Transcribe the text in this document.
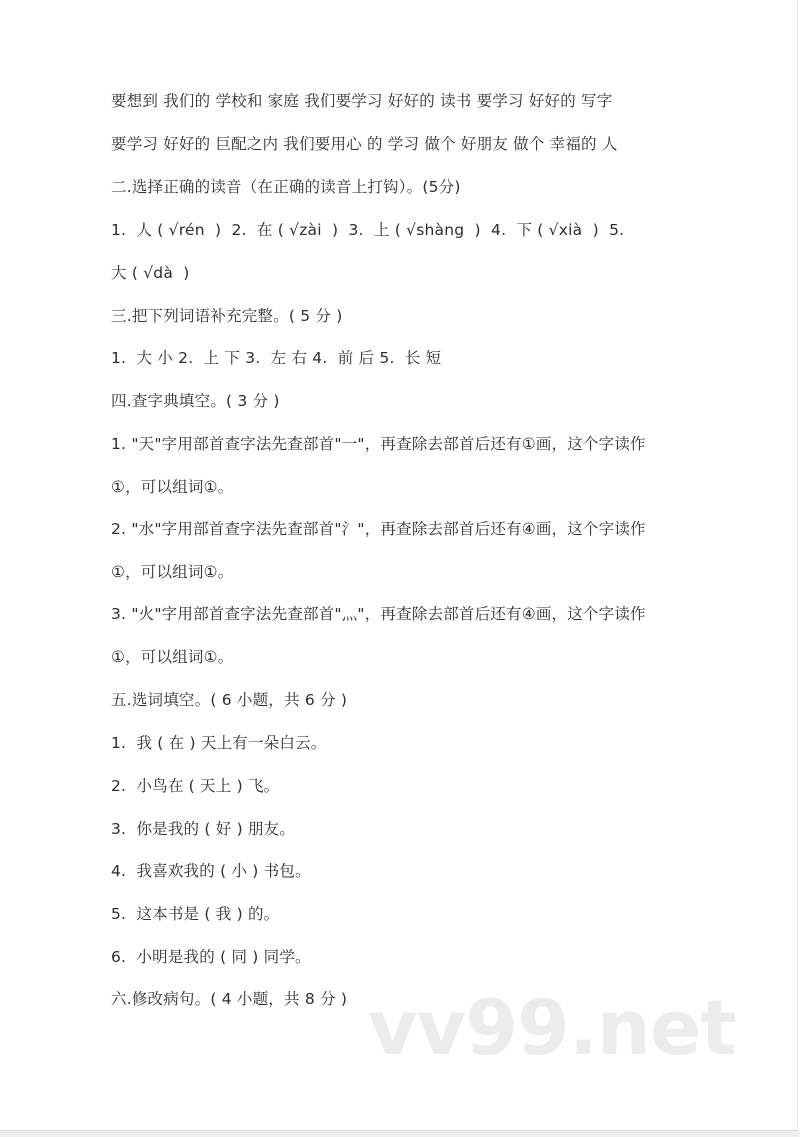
要想到 我们的 学校和 家庭 我们要学习 好好的 读书 要学习 好好的 写字
要学习 好好的 巨配之内 我们要用心 的 学习 做个 好朋友 做个 幸福的 人
二.选择正确的读音（在正确的读音上打钩）。(5分)
1.  人 ( √rén  )  2.  在 ( √zài  )  3.  上 ( √shàng  )  4.  下 ( √xià  )  5.
大 ( √dà  )
三.把下列词语补充完整。( 5 分 )
1.  大 小 2.  上 下 3.  左 右 4.  前 后 5.  长 短
四.查字典填空。( 3 分 )
1. "天"字用部首查字法先查部首"一"，再查除去部首后还有①画，这个字读作
①，可以组词①。
2. "水"字用部首查字法先查部首"氵"，再查除去部首后还有④画，这个字读作
①，可以组词①。
3. "火"字用部首查字法先查部首"灬"，再查除去部首后还有④画，这个字读作
①，可以组词①。
五.选词填空。( 6 小题，共 6 分 )
1.  我 ( 在 ) 天上有一朵白云。
2.  小鸟在 ( 天上 ) 飞。
3.  你是我的 ( 好 ) 朋友。
4.  我喜欢我的 ( 小 ) 书包。
5.  这本书是 ( 我 ) 的。
6.  小明是我的 ( 同 ) 同学。
六.修改病句。( 4 小题，共 8 分 ) vv99.net
